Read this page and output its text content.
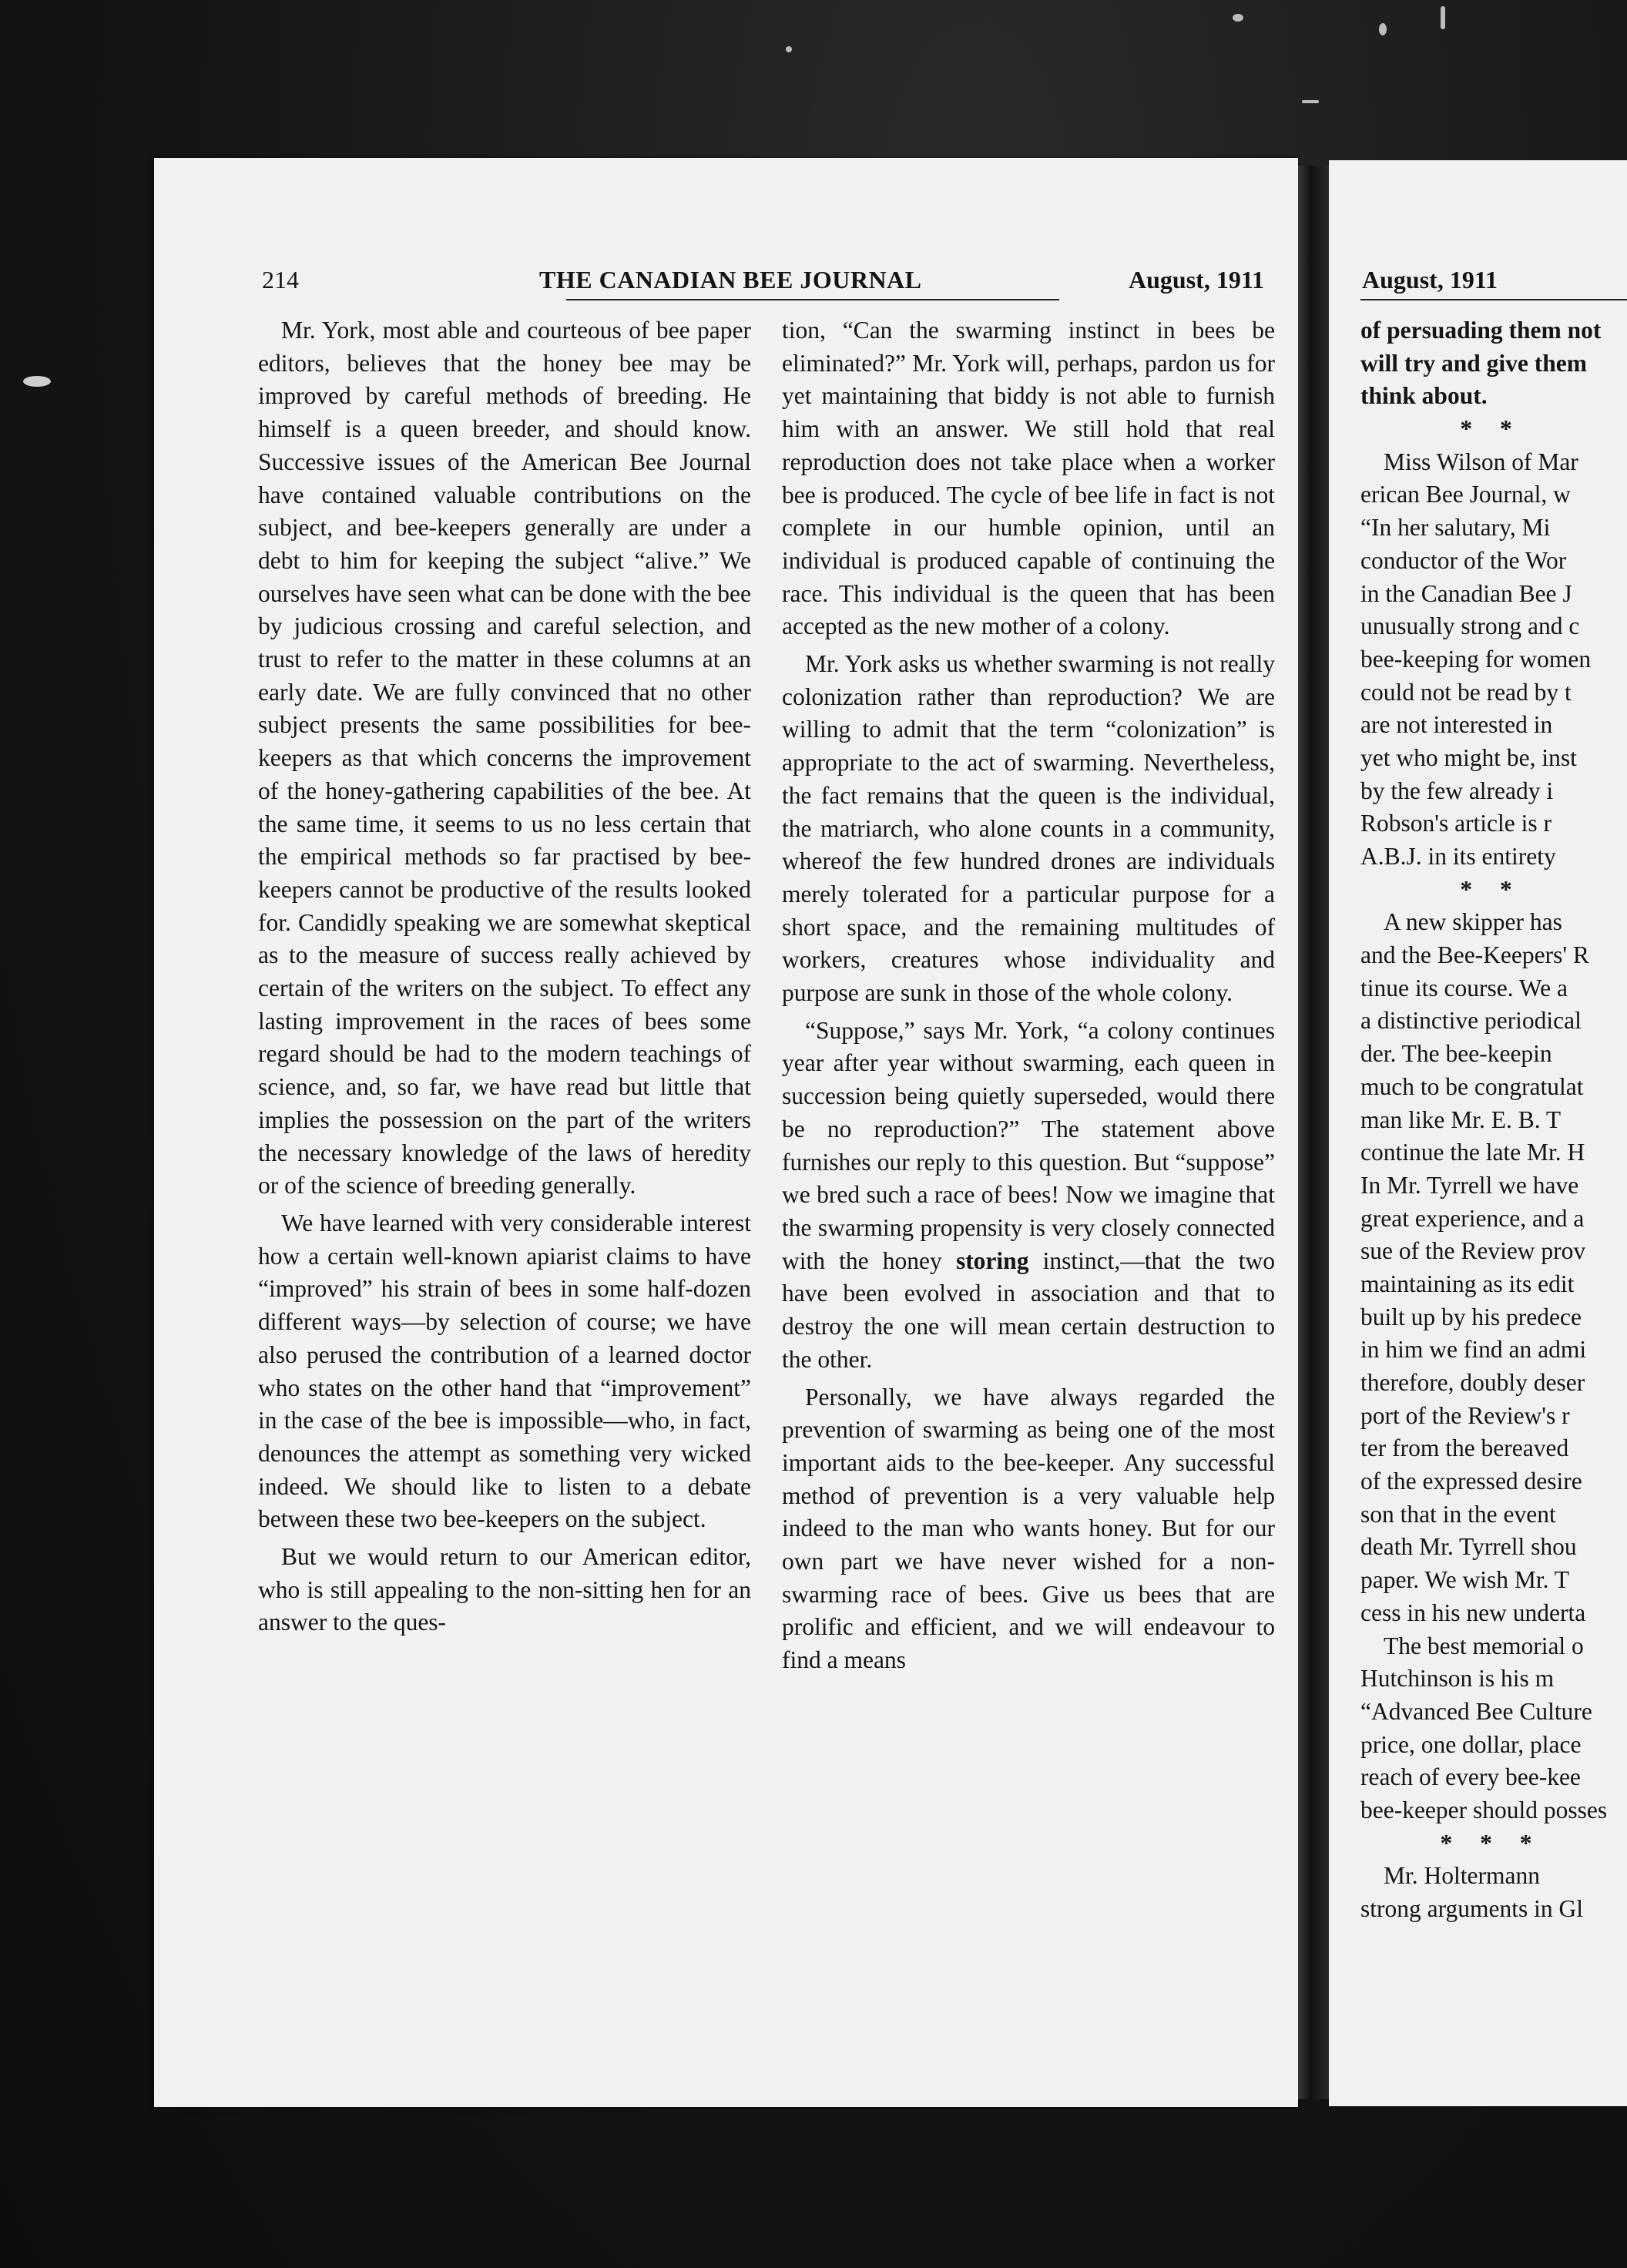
214	THE CANADIAN BEE JOURNAL	August, 1911	August, 1911

Mr. York, most able and courteous of bee paper editors, believes that the honey bee may be improved by careful methods of breeding. He himself is a queen breeder, and should know. Successive issues of the American Bee Journal have contained valuable contributions on the subject, and bee-keepers generally are under a debt to him for keeping the subject “alive.” We ourselves have seen what can be done with the bee by judicious crossing and careful selection, and trust to refer to the matter in these columns at an early date. We are fully convinced that no other subject presents the same possibilities for bee-keepers as that which concerns the improvement of the honey-gathering capabilities of the bee. At the same time, it seems to us no less certain that the empirical methods so far practised by bee-keepers cannot be productive of the results looked for. Candidly speaking we are somewhat skeptical as to the measure of success really achieved by certain of the writers on the subject. To effect any lasting improvement in the races of bees some regard should be had to the modern teachings of science, and, so far, we have read but little that implies the possession on the part of the writers the necessary knowledge of the laws of heredity or of the science of breeding generally.

We have learned with very considerable interest how a certain well-known apiarist claims to have “improved” his strain of bees in some half-dozen different ways—by selection of course; we have also perused the contribution of a learned doctor who states on the other hand that “improvement” in the case of the bee is impossible—who, in fact, denounces the attempt as something very wicked indeed. We should like to listen to a debate between these two bee-keepers on the subject.

But we would return to our American editor, who is still appealing to the non-sitting hen for an answer to the ques-

tion, “Can the swarming instinct in bees be eliminated?” Mr. York will, perhaps, pardon us for yet maintaining that biddy is not able to furnish him with an answer. We still hold that real reproduction does not take place when a worker bee is produced. The cycle of bee life in fact is not complete in our humble opinion, until an individual is produced capable of continuing the race. This individual is the queen that has been accepted as the new mother of a colony.

Mr. York asks us whether swarming is not really colonization rather than reproduction? We are willing to admit that the term “colonization” is appropriate to the act of swarming. Nevertheless, the fact remains that the queen is the individual, the matriarch, who alone counts in a community, whereof the few hundred drones are individuals merely tolerated for a particular purpose for a short space, and the remaining multitudes of workers, creatures whose individuality and purpose are sunk in those of the whole colony.

“Suppose,” says Mr. York, “a colony continues year after year without swarming, each queen in succession being quietly superseded, would there be no reproduction?” The statement above furnishes our reply to this question. But “suppose” we bred such a race of bees! Now we imagine that the swarming propensity is very closely connected with the honey storing instinct,—that the two have been evolved in association and that to destroy the one will mean certain destruction to the other.

Personally, we have always regarded the prevention of swarming as being one of the most important aids to the bee-keeper. Any successful method of prevention is a very valuable help indeed to the man who wants honey. But for our own part we have never wished for a non-swarming race of bees. Give us bees that are prolific and efficient, and we will endeavour to find a means

of persuading them not
will try and give them
think about.
* *
Miss Wilson of Mar
erican Bee Journal, w
“In her salutary, Mi
conductor of the Wor
in the Canadian Bee J
unusually strong and c
bee-keeping for women
could not be read by t
are not interested in
yet who might be, inst
by the few already i
Robson's article is r
A.B.J. in its entirety
* *
A new skipper has
and the Bee-Keepers' R
tinue its course. We a
a distinctive periodical
der. The bee-keepin
much to be congratulat
man like Mr. E. B. T
continue the late Mr. H
In Mr. Tyrrell we have
great experience, and a
sue of the Review prov
maintaining as its edit
built up by his predece
in him we find an admi
therefore, doubly deser
port of the Review's r
ter from the bereaved
of the expressed desire
son that in the event
death Mr. Tyrrell shou
paper. We wish Mr. T
cess in his new underta
The best memorial o
Hutchinson is his m
“Advanced Bee Culture
price, one dollar, place
reach of every bee-kee
bee-keeper should posses
* * *
Mr. Holtermann
strong arguments in Gl
